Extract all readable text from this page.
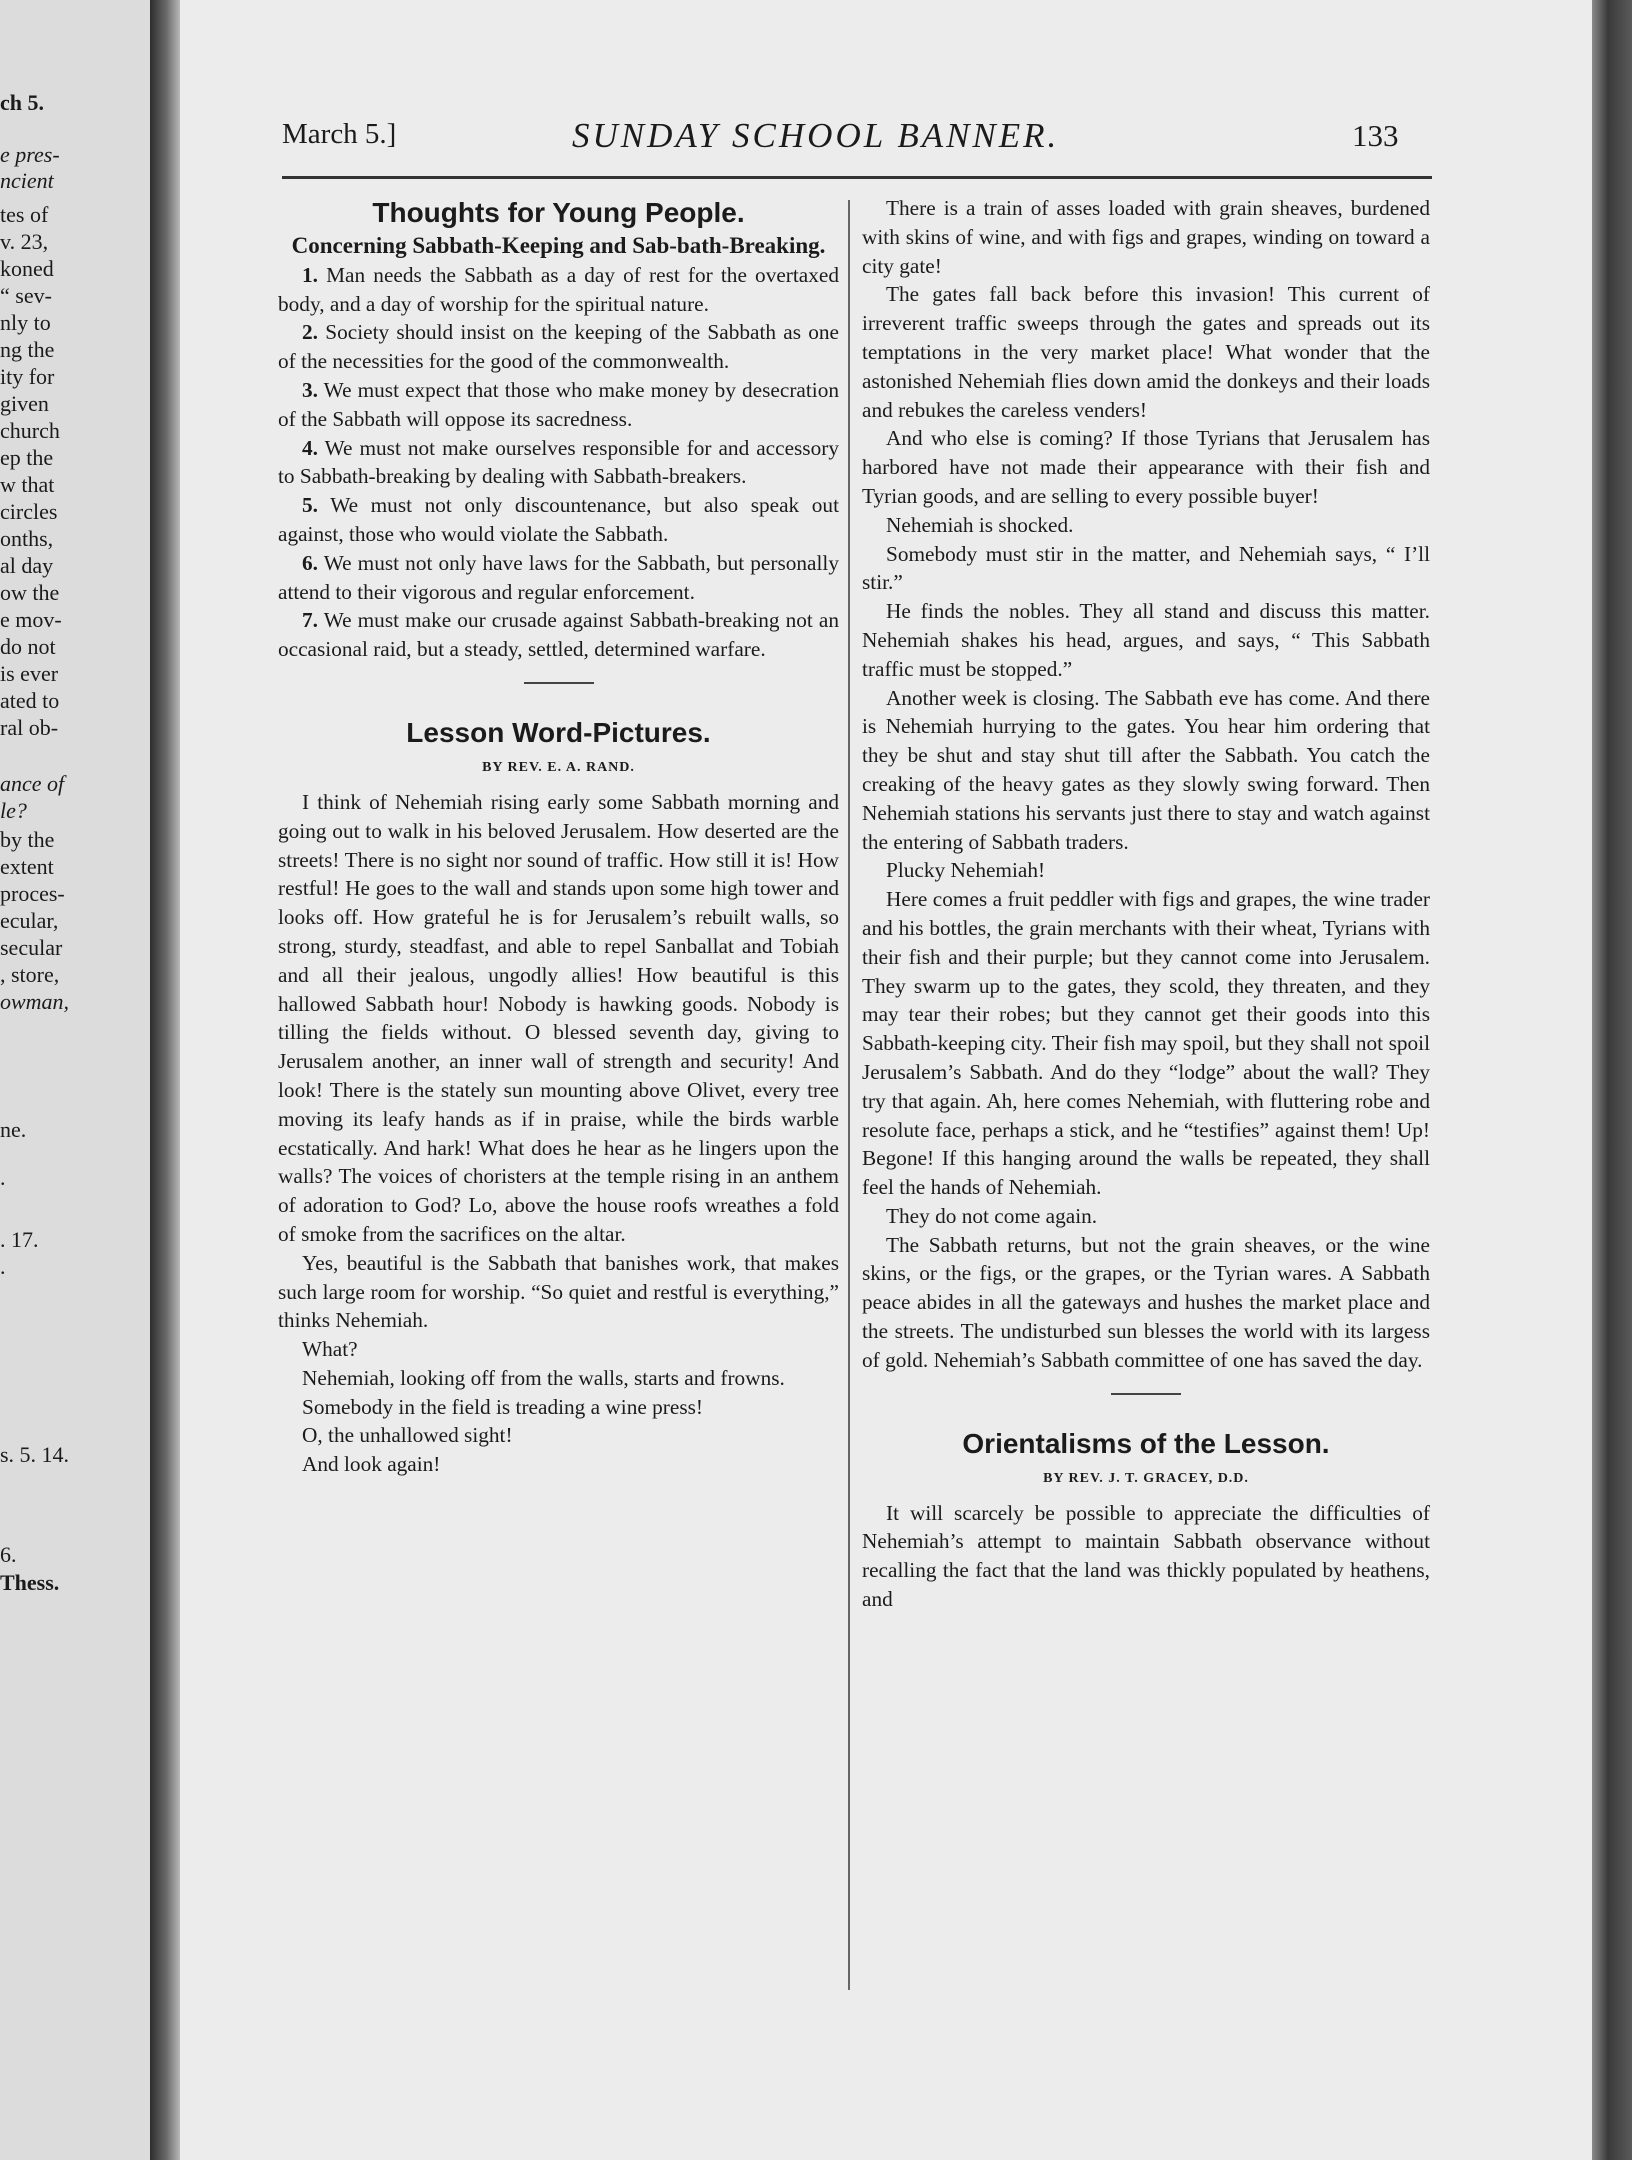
ch 5.
e pres-
ncient
tes of
v. 23,
koned
“ sev-
nly to
ng the
ity for
given
church
ep the
w that
circles
onths,
al day
ow the
e mov-
do not
is ever
ated to
ral ob-
ance of
le?
by the
extent
proces-
ecular,
secular
, store,
owman,
ne.
.
. 17.
.
s. 5. 14.
6.
Thess.
March 5.]	SUNDAY SCHOOL BANNER.	133
Thoughts for Young People.
Concerning Sabbath-Keeping and Sab-bath-Breaking.

1. Man needs the Sabbath as a day of rest for the overtaxed body, and a day of worship for the spiritual nature.

2. Society should insist on the keeping of the Sabbath as one of the necessities for the good of the commonwealth.

3. We must expect that those who make money by desecration of the Sabbath will oppose its sacredness.

4. We must not make ourselves responsible for and accessory to Sabbath-breaking by dealing with Sabbath-breakers.

5. We must not only discountenance, but also speak out against, those who would violate the Sabbath.

6. We must not only have laws for the Sabbath, but personally attend to their vigorous and regular enforcement.

7. We must make our crusade against Sabbath-breaking not an occasional raid, but a steady, settled, determined warfare.

Lesson Word-Pictures.
BY REV. E. A. RAND.

I think of Nehemiah rising early some Sabbath morning and going out to walk in his beloved Jerusalem. How deserted are the streets! There is no sight nor sound of traffic. How still it is! How restful! He goes to the wall and stands upon some high tower and looks off. How grateful he is for Jerusalem’s rebuilt walls, so strong, sturdy, steadfast, and able to repel Sanballat and Tobiah and all their jealous, ungodly allies! How beautiful is this hallowed Sabbath hour! Nobody is hawking goods. Nobody is tilling the fields without. O blessed seventh day, giving to Jerusalem another, an inner wall of strength and security! And look! There is the stately sun mounting above Olivet, every tree moving its leafy hands as if in praise, while the birds warble ecstatically. And hark! What does he hear as he lingers upon the walls? The voices of choristers at the temple rising in an anthem of adoration to God? Lo, above the house roofs wreathes a fold of smoke from the sacrifices on the altar.

Yes, beautiful is the Sabbath that banishes work, that makes such large room for worship. “So quiet and restful is everything,” thinks Nehemiah.

What?

Nehemiah, looking off from the walls, starts and frowns.

Somebody in the field is treading a wine press!

O, the unhallowed sight!

And look again!

There is a train of asses loaded with grain sheaves, burdened with skins of wine, and with figs and grapes, winding on toward a city gate!

The gates fall back before this invasion! This current of irreverent traffic sweeps through the gates and spreads out its temptations in the very market place! What wonder that the astonished Nehemiah flies down amid the donkeys and their loads and rebukes the careless venders!

And who else is coming? If those Tyrians that Jerusalem has harbored have not made their appearance with their fish and Tyrian goods, and are selling to every possible buyer!

Nehemiah is shocked.

Somebody must stir in the matter, and Nehemiah says, “ I’ll stir.”

He finds the nobles. They all stand and discuss this matter. Nehemiah shakes his head, argues, and says, “ This Sabbath traffic must be stopped.”

Another week is closing. The Sabbath eve has come. And there is Nehemiah hurrying to the gates. You hear him ordering that they be shut and stay shut till after the Sabbath. You catch the creaking of the heavy gates as they slowly swing forward. Then Nehemiah stations his servants just there to stay and watch against the entering of Sabbath traders.

Plucky Nehemiah!

Here comes a fruit peddler with figs and grapes, the wine trader and his bottles, the grain merchants with their wheat, Tyrians with their fish and their purple; but they cannot come into Jerusalem. They swarm up to the gates, they scold, they threaten, and they may tear their robes; but they cannot get their goods into this Sabbath-keeping city. Their fish may spoil, but they shall not spoil Jerusalem’s Sabbath. And do they “lodge” about the wall? They try that again. Ah, here comes Nehemiah, with fluttering robe and resolute face, perhaps a stick, and he “testifies” against them! Up! Begone! If this hanging around the walls be repeated, they shall feel the hands of Nehemiah.

They do not come again.

The Sabbath returns, but not the grain sheaves, or the wine skins, or the figs, or the grapes, or the Tyrian wares. A Sabbath peace abides in all the gateways and hushes the market place and the streets. The undisturbed sun blesses the world with its largess of gold. Nehemiah’s Sabbath committee of one has saved the day.

Orientalisms of the Lesson.
BY REV. J. T. GRACEY, D.D.

It will scarcely be possible to appreciate the difficulties of Nehemiah’s attempt to maintain Sabbath observance without recalling the fact that the land was thickly populated by heathens, and
